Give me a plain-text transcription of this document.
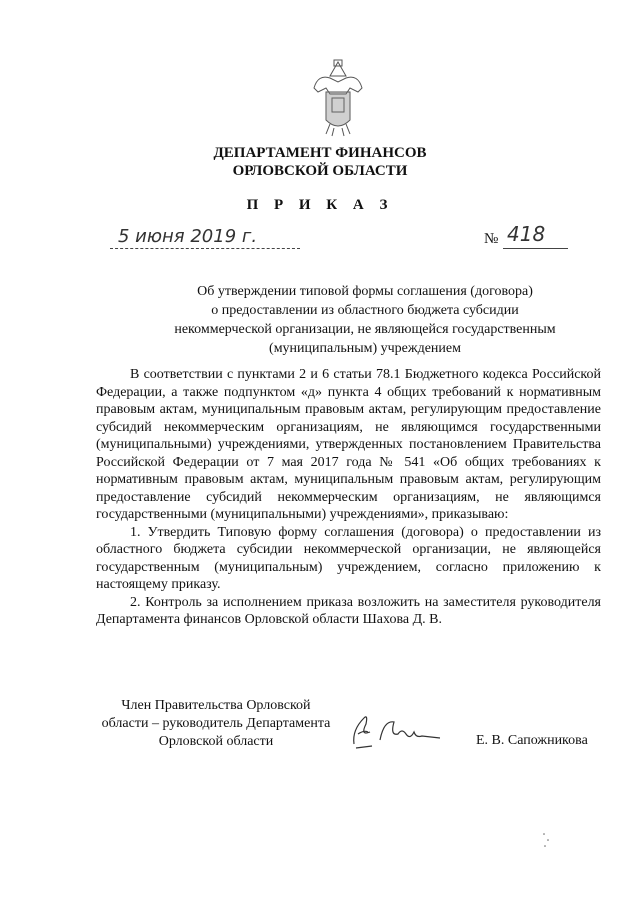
ДЕПАРТАМЕНТ ФИНАНСОВ
ОРЛОВСКОЙ ОБЛАСТИ
П Р И К А З
5 июня 2019 г.	№ 418
Об утверждении типовой формы соглашения (договора)
о предоставлении из областного бюджета субсидии
некоммерческой организации, не являющейся государственным
(муниципальным) учреждением

В соответствии с пунктами 2 и 6 статьи 78.1 Бюджетного кодекса Российской Федерации, а также подпунктом «д» пункта 4 общих требований к нормативным правовым актам, муниципальным правовым актам, регулирующим предоставление субсидий некоммерческим организациям, не являющимся государственными (муниципальными) учреждениями, утвержденных постановлением Правительства Российской Федерации от 7 мая 2017 года № 541 «Об общих требованиях к нормативным правовым актам, муниципальным правовым актам, регулирующим предоставление субсидий некоммерческим организациям, не являющимся государственными (муниципальными) учреждениями», приказываю:

1. Утвердить Типовую форму соглашения (договора) о предоставлении из областного бюджета субсидии некоммерческой организации, не являющейся государственным (муниципальным) учреждением, согласно приложению к настоящему приказу.

2. Контроль за исполнением приказа возложить на заместителя руководителя Департамента финансов Орловской области Шахова Д. В.

Член Правительства Орловской
области – руководитель Департамента
Орловской области	Е. В. Сапожникова
